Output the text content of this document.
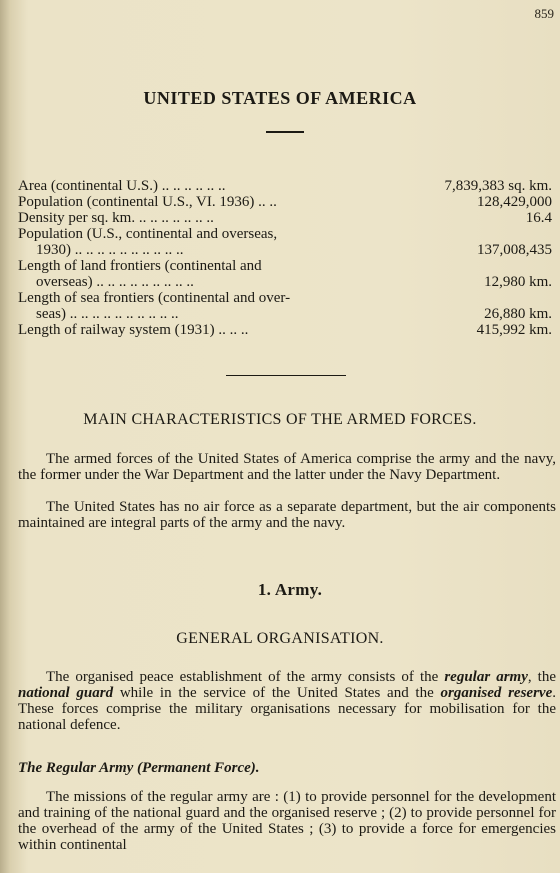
859
UNITED STATES OF AMERICA
Area (continental U.S.) .. .. .. .. .. ..	7,839,383 sq. km.
Population (continental U.S., VI. 1936) .. ..	128,429,000
Density per sq. km. .. .. .. .. .. .. ..	16.4
Population (U.S., continental and overseas,
1930) .. .. .. .. .. .. .. .. .. ..	137,008,435
Length of land frontiers (continental and
overseas) .. .. .. .. .. .. .. .. ..	12,980 km.
Length of sea frontiers (continental and over-
seas) .. .. .. .. .. .. .. .. .. ..	26,880 km.
Length of railway system (1931) .. .. ..	415,992 km.
MAIN CHARACTERISTICS OF THE ARMED FORCES.
The armed forces of the United States of America comprise the army and the navy, the former under the War Department and the latter under the Navy Department.
The United States has no air force as a separate department, but the air components maintained are integral parts of the army and the navy.
1. Army.
GENERAL ORGANISATION.
The organised peace establishment of the army consists of the regular army, the national guard while in the service of the United States and the organised reserve. These forces comprise the military organisations necessary for mobilisation for the national defence.
The Regular Army (Permanent Force).
The missions of the regular army are : (1) to provide personnel for the development and training of the national guard and the organised reserve ; (2) to provide personnel for the overhead of the army of the United States ; (3) to provide a force for emergencies within continental
